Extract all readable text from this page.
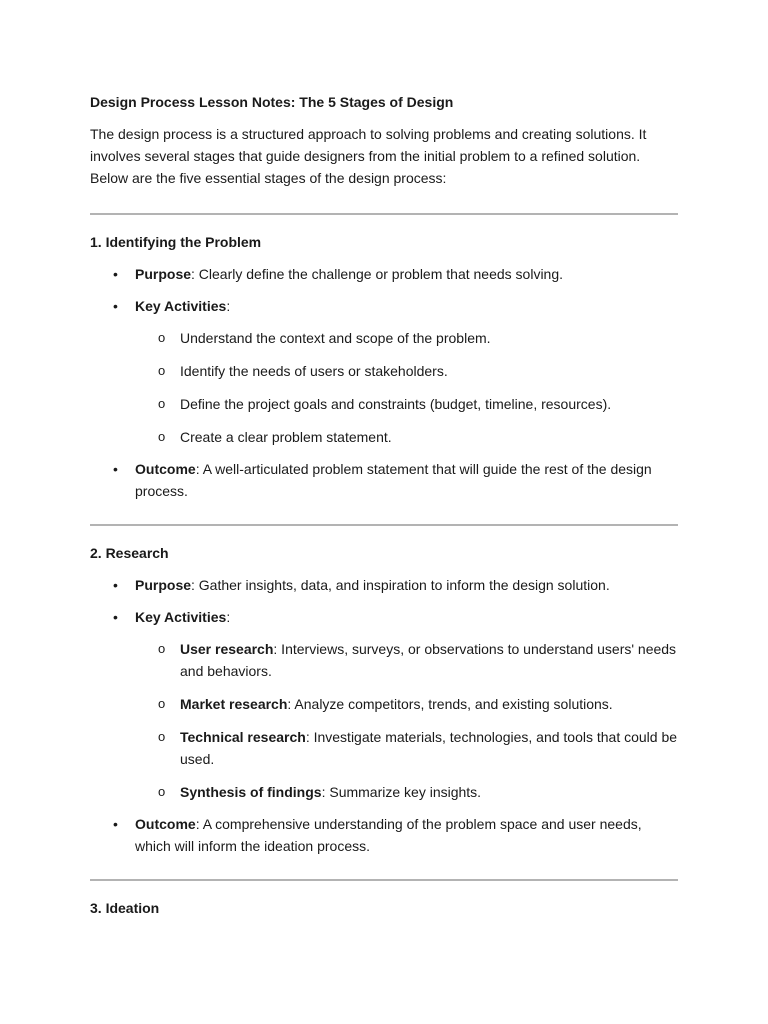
Design Process Lesson Notes: The 5 Stages of Design

The design process is a structured approach to solving problems and creating solutions. It involves several stages that guide designers from the initial problem to a refined solution. Below are the five essential stages of the design process:

1. Identifying the Problem
• Purpose: Clearly define the challenge or problem that needs solving.
• Key Activities:
o Understand the context and scope of the problem.
o Identify the needs of users or stakeholders.
o Define the project goals and constraints (budget, timeline, resources).
o Create a clear problem statement.
• Outcome: A well-articulated problem statement that will guide the rest of the design process.
2. Research
• Purpose: Gather insights, data, and inspiration to inform the design solution.
• Key Activities:
o User research: Interviews, surveys, or observations to understand users' needs and behaviors.
o Market research: Analyze competitors, trends, and existing solutions.
o Technical research: Investigate materials, technologies, and tools that could be used.
o Synthesis of findings: Summarize key insights.
• Outcome: A comprehensive understanding of the problem space and user needs, which will inform the ideation process.
3. Ideation
